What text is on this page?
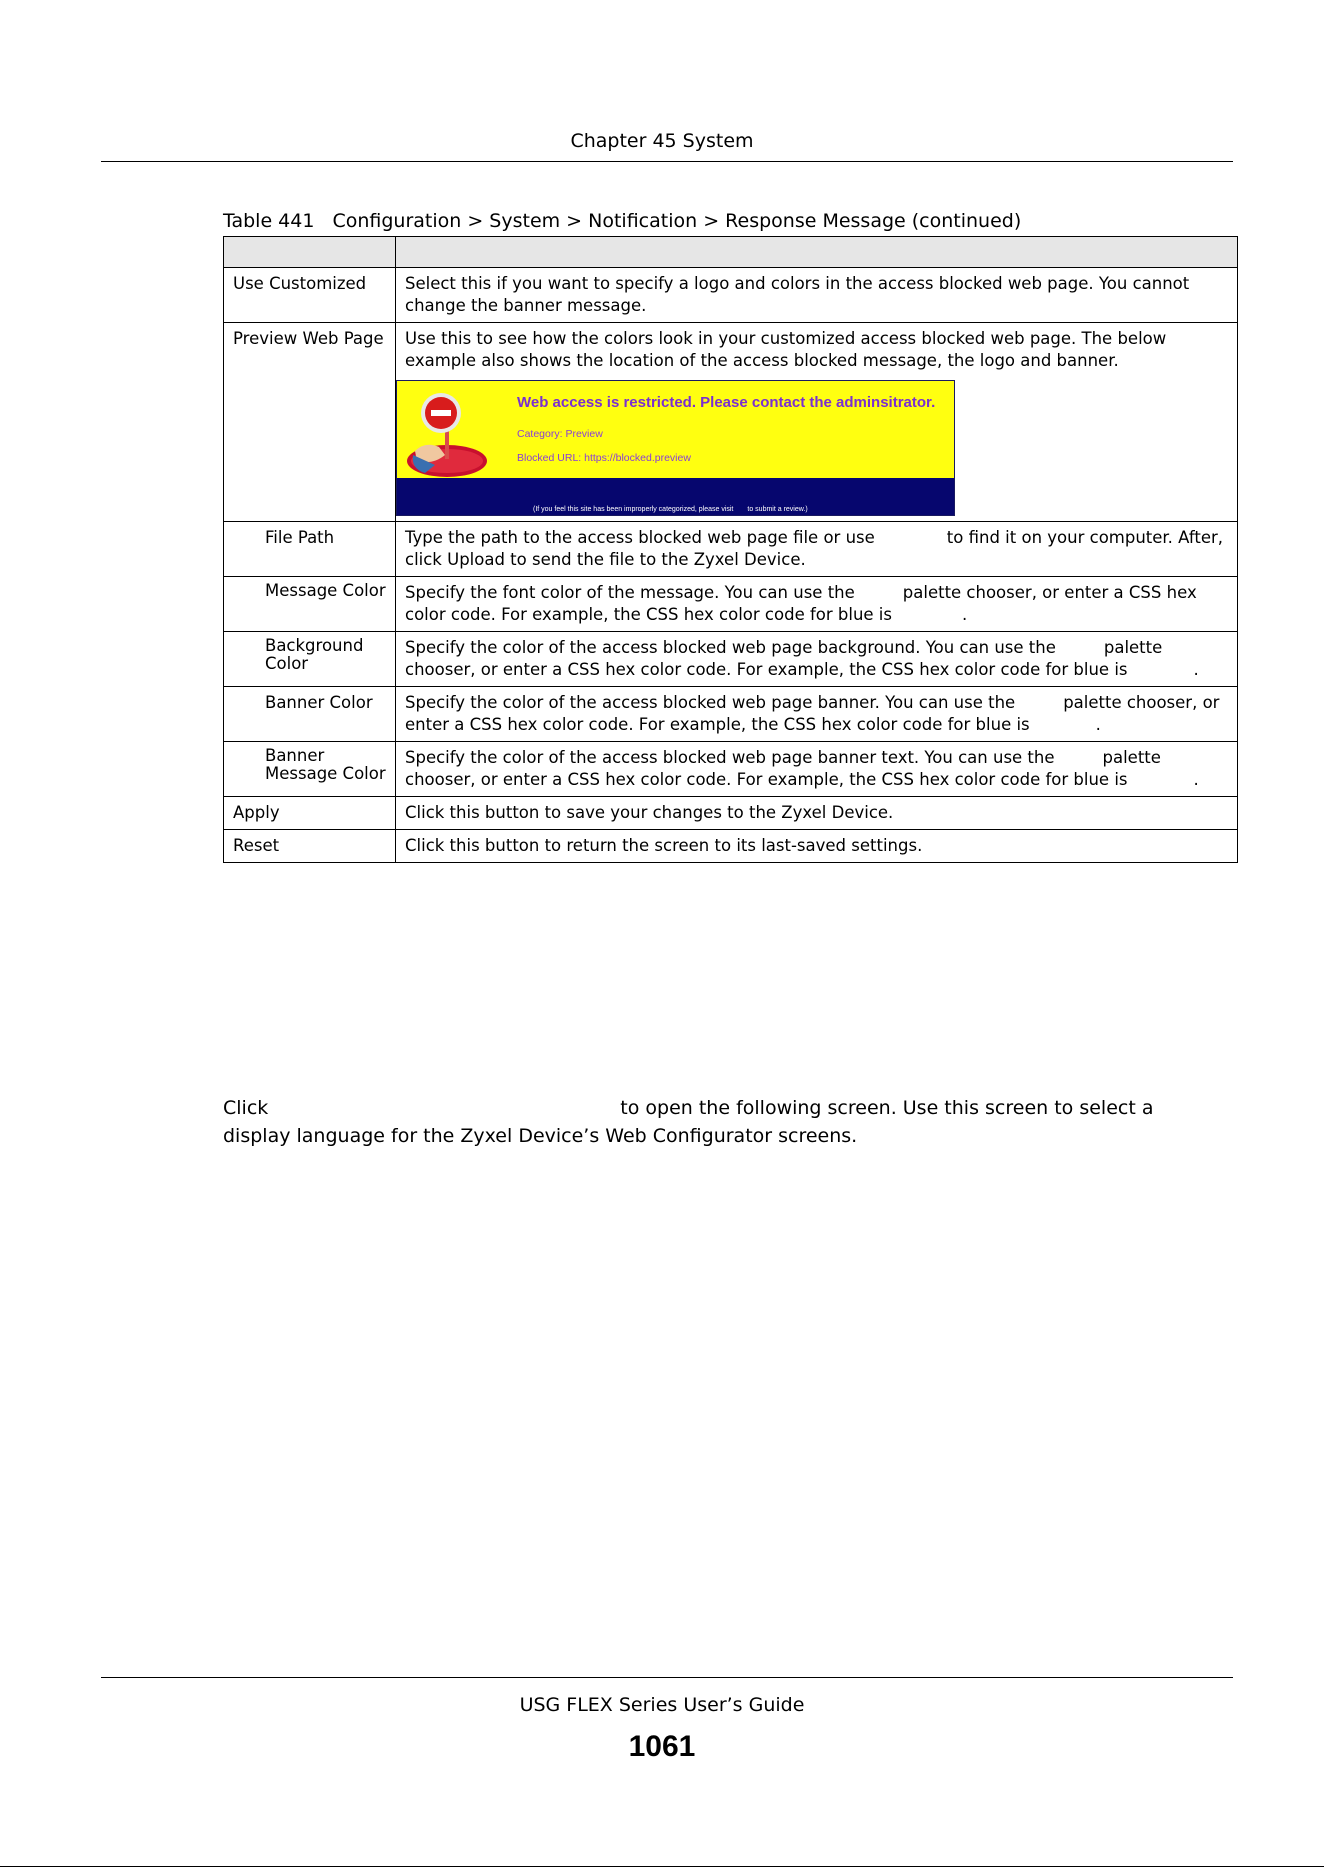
Chapter 45 System
Table 441 Configuration > System > Notification > Response Message (continued)

Use Customized	Select this if you want to specify a logo and colors in the access blocked web page. You cannot change the banner message.
Preview Web Page	Use this to see how the colors look in your customized access blocked web page. The below example also shows the location of the access blocked message, the logo and banner.
Web access is restricted. Please contact the adminsitrator.
Category: Preview
Blocked URL: https://blocked.preview
(If you feel this site has been improperly categorized, please visit to submit a review.)

File Path	Type the path to the access blocked web page file or use to find it on your computer. After, click Upload to send the file to the Zyxel Device.
Message Color	Specify the font color of the message. You can use the palette chooser, or enter a CSS hex color code. For example, the CSS hex color code for blue is .
Background Color	Specify the color of the access blocked web page background. You can use the palette chooser, or enter a CSS hex color code. For example, the CSS hex color code for blue is .
Banner Color	Specify the color of the access blocked web page banner. You can use the palette chooser, or enter a CSS hex color code. For example, the CSS hex color code for blue is .
Banner Message Color	Specify the color of the access blocked web page banner text. You can use the palette chooser, or enter a CSS hex color code. For example, the CSS hex color code for blue is .
Apply	Click this button to save your changes to the Zyxel Device.
Reset	Click this button to return the screen to its last-saved settings.
Click	to open the following screen. Use this screen to select a display language for the Zyxel Device’s Web Configurator screens.
USG FLEX Series User’s Guide
1061
